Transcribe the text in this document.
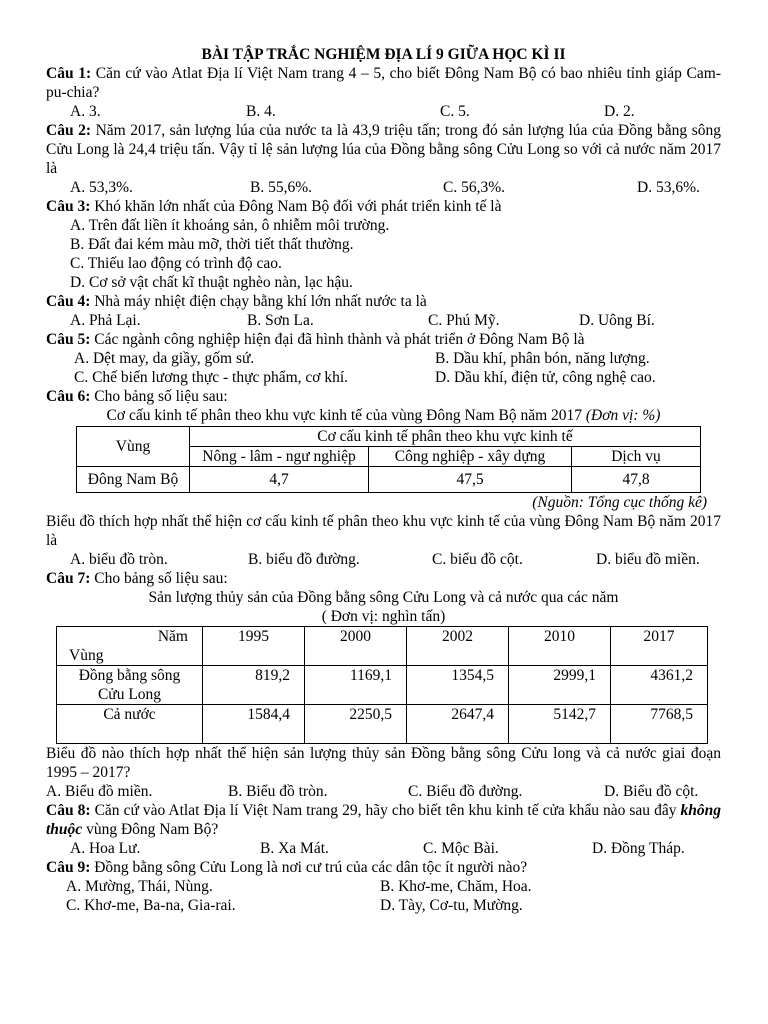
BÀI TẬP TRẮC NGHIỆM ĐỊA LÍ 9 GIỮA HỌC KÌ II

Câu 1: Căn cứ vào Atlat Địa lí Việt Nam trang 4 – 5, cho biết Đông Nam Bộ có bao nhiêu tỉnh giáp Cam-pu-chia?

A. 3.	B. 4.	C. 5.	D. 2.

Câu 2: Năm 2017, sản lượng lúa của nước ta là 43,9 triệu tấn; trong đó sản lượng lúa của Đồng bằng sông Cửu Long là 24,4 triệu tấn. Vậy tỉ lệ sản lượng lúa của Đồng bằng sông Cửu Long so với cả nước năm 2017 là

A. 53,3%.	B. 55,6%.	C. 56,3%.	D. 53,6%.

Câu 3: Khó khăn lớn nhất của Đông Nam Bộ đối với phát triển kinh tế là

A. Trên đất liền ít khoáng sản, ô nhiễm môi trường.

B. Đất đai kém màu mỡ, thời tiết thất thường.

C. Thiếu lao động có trình độ cao.

D. Cơ sở vật chất kĩ thuật nghèo nàn, lạc hậu.

Câu 4: Nhà máy nhiệt điện chạy bằng khí lớn nhất nước ta là

A. Phả Lại.	B. Sơn La.	C. Phú Mỹ.	D. Uông Bí.

Câu 5: Các ngành công nghiệp hiện đại đã hình thành và phát triển ở Đông Nam Bộ là

A. Dệt may, da giầy, gốm sứ.	B. Dầu khí, phân bón, năng lượng.
C. Chế biến lương thực - thực phẩm, cơ khí.	D. Dầu khí, điện tử, công nghệ cao.

Câu 6: Cho bảng số liệu sau:

Cơ cấu kinh tế phân theo khu vực kinh tế của vùng Đông Nam Bộ năm 2017 (Đơn vị: %)

Vùng	Cơ cấu kinh tế phân theo khu vực kinh tế		
	Nông - lâm - ngư nghiệp	Công nghiệp - xây dựng	Dịch vụ
Đông Nam Bộ	4,7	47,5	47,8

(Nguồn: Tổng cục thống kê)

Biểu đồ thích hợp nhất thể hiện cơ cấu kinh tế phân theo khu vực kinh tế của vùng Đông Nam Bộ năm 2017 là

A. biểu đồ tròn.	B. biểu đồ đường.	C. biểu đồ cột.	D. biểu đồ miền.

Câu 7: Cho bảng số liệu sau:

Sản lượng thủy sản của Đồng bằng sông Cửu Long và cả nước qua các năm

( Đơn vị: nghìn tấn)

Năm
Vùng	1995	2000	2002	2010	2017

Đồng bằng sông
Cửu Long	819,2	1169,1	1354,5	2999,1	4361,2
Cả nước	1584,4	2250,5	2647,4	5142,7	7768,5

Biểu đồ nào thích hợp nhất thể hiện sản lượng thủy sản Đồng bằng sông Cửu long và cả nước giai đoạn 1995 – 2017?

A. Biểu đồ miền.	B. Biểu đồ tròn.	C. Biểu đồ đường.	D. Biểu đồ cột.

Câu 8: Căn cứ vào Atlat Địa lí Việt Nam trang 29, hãy cho biết tên khu kinh tế cửa khẩu nào sau đây không thuộc vùng Đông Nam Bộ?

A. Hoa Lư.	B. Xa Mát.	C. Mộc Bài.	D. Đồng Tháp.

Câu 9: Đồng bằng sông Cửu Long là nơi cư trú của các dân tộc ít người nào?

A. Mường, Thái, Nùng.	B. Khơ-me, Chăm, Hoa.
C. Khơ-me, Ba-na, Gia-rai.	D. Tày, Cơ-tu, Mường.
